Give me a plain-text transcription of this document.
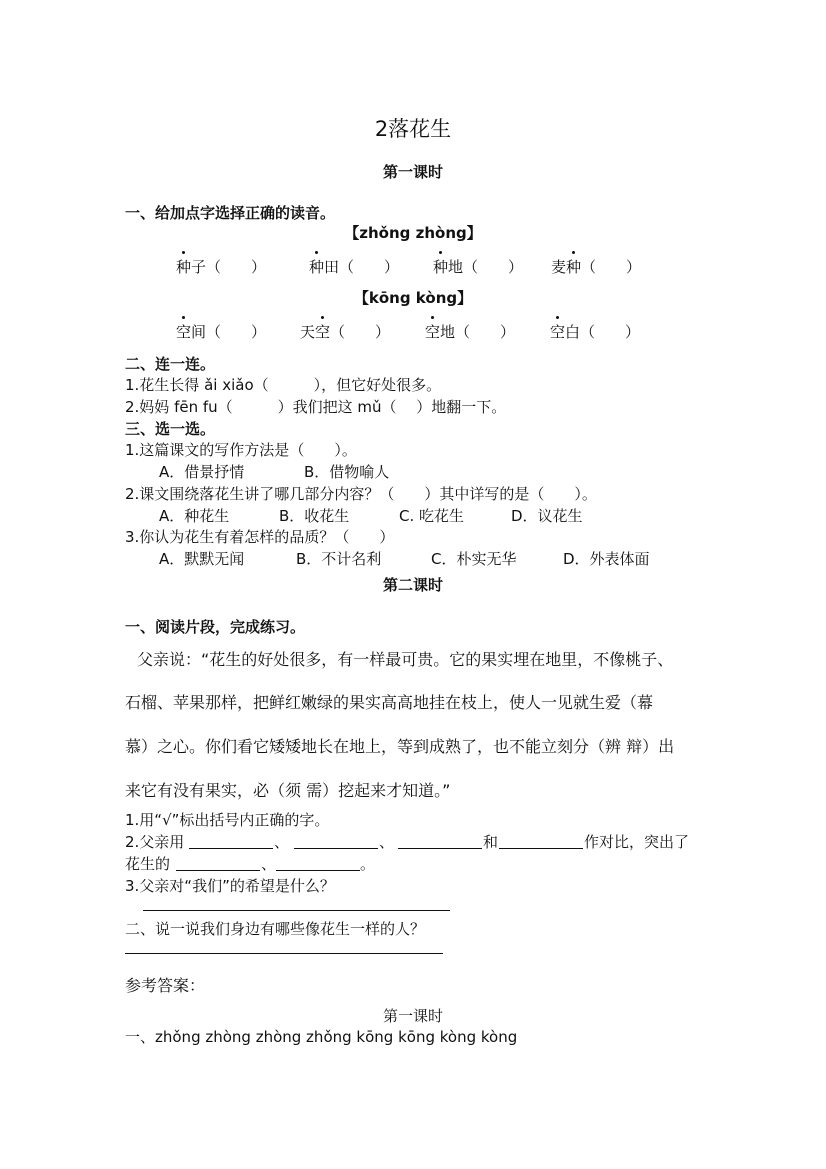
2落花生
第一课时
一、给加点字选择正确的读音。
【zhǒng zhòng】
种子（　　）	种田（　　） 种地（　　） 麦种（　　）
【kōng kòng】
空间（　　） 天空（　　） 空地（　　） 空白（　　）
二、连一连。
1.花生长得 ǎi xiǎo（　　　），但它好处很多。
2.妈妈 fēn fu（　　　）我们把这 mǔ（　 ）地翻一下。
三、选一选。
1.这篇课文的写作方法是（　　）。
A．借景抒情	B．借物喻人
2.课文围绕落花生讲了哪几部分内容？（　　）其中详写的是（　　）。
A．种花生	B．收花生	C. 吃花生	D．议花生
3.你认为花生有着怎样的品质？（　　）
A．默默无闻	B．不计名利	C．朴实无华	D．外表体面
第二课时
一、阅读片段，完成练习。
父亲说：“花生的好处很多，有一样最可贵。它的果实埋在地里，不像桃子、
石榴、苹果那样，把鲜红嫩绿的果实高高地挂在枝上，使人一见就生爱（幕
慕）之心。你们看它矮矮地长在地上，等到成熟了，也不能立刻分（辨 辩）出
来它有没有果实，必（须 需）挖起来才知道。”
1.用“√”标出括号内正确的字。
2.父亲用	、	、	和	作对比，突出了
花生的	、	。
3.父亲对“我们”的希望是什么？
二、说一说我们身边有哪些像花生一样的人？
参考答案：
第一课时
一、zhǒng zhòng zhòng zhǒng kōng kōng kòng kòng
